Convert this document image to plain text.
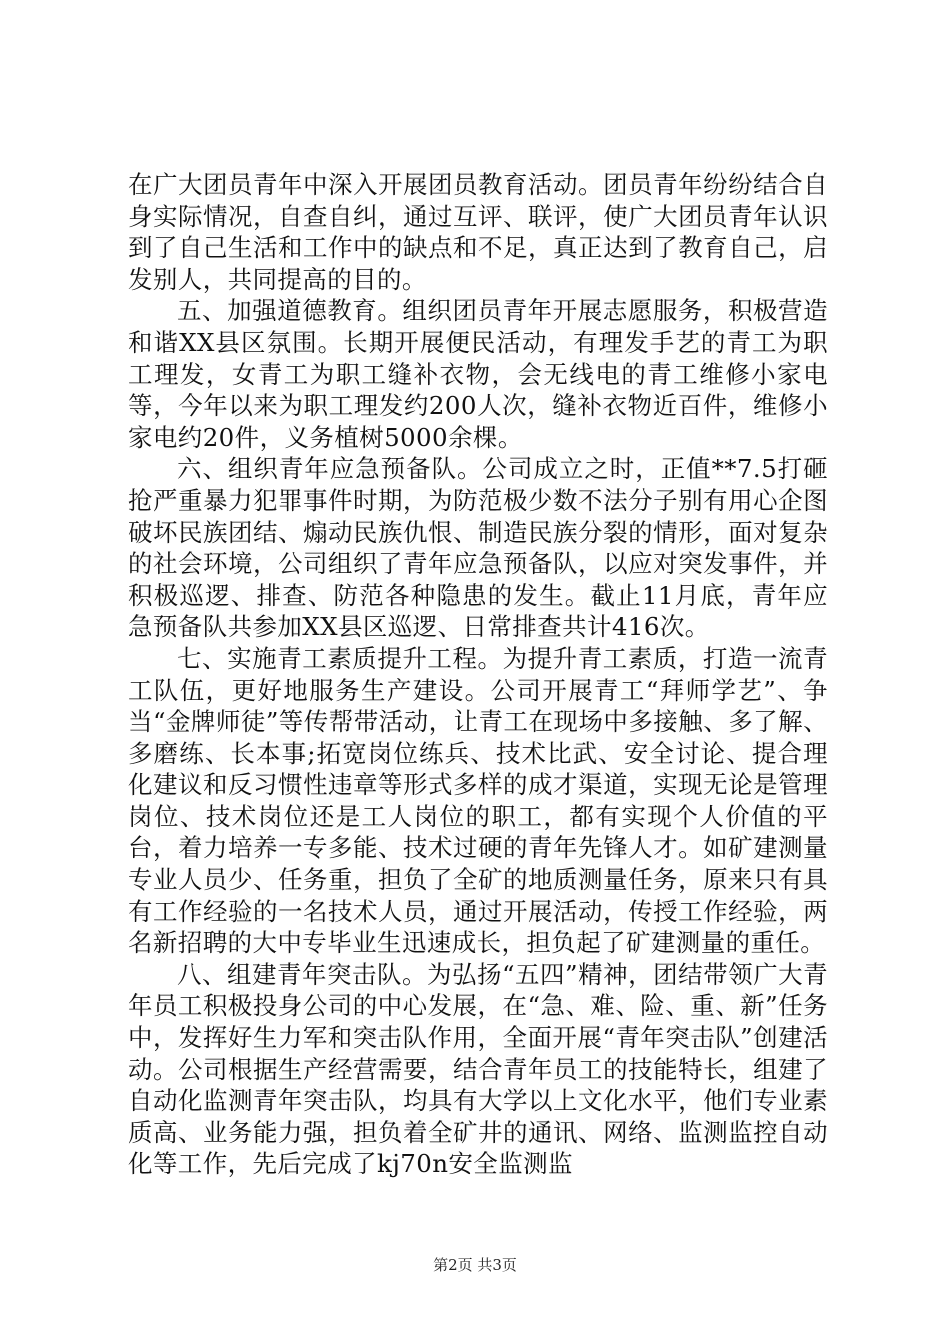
在广大团员青年中深入开展团员教育活动。团员青年纷纷结合自身实际情况，自查自纠，通过互评、联评，使广大团员青年认识到了自己生活和工作中的缺点和不足，真正达到了教育自己，启发别人，共同提高的目的。

五、加强道德教育。组织团员青年开展志愿服务，积极营造和谐XX县区氛围。长期开展便民活动，有理发手艺的青工为职工理发，女青工为职工缝补衣物，会无线电的青工维修小家电等，今年以来为职工理发约200人次，缝补衣物近百件，维修小家电约20件，义务植树5000余棵。

六、组织青年应急预备队。公司成立之时，正值**7.5打砸抢严重暴力犯罪事件时期，为防范极少数不法分子别有用心企图破坏民族团结、煽动民族仇恨、制造民族分裂的情形，面对复杂的社会环境，公司组织了青年应急预备队，以应对突发事件，并积极巡逻、排查、防范各种隐患的发生。截止11月底，青年应急预备队共参加XX县区巡逻、日常排查共计416次。

七、实施青工素质提升工程。为提升青工素质，打造一流青工队伍，更好地服务生产建设。公司开展青工“拜师学艺”、争当“金牌师徒”等传帮带活动，让青工在现场中多接触、多了解、多磨练、长本事;拓宽岗位练兵、技术比武、安全讨论、提合理化建议和反习惯性违章等形式多样的成才渠道，实现无论是管理岗位、技术岗位还是工人岗位的职工，都有实现个人价值的平台，着力培养一专多能、技术过硬的青年先锋人才。如矿建测量专业人员少、任务重，担负了全矿的地质测量任务，原来只有具有工作经验的一名技术人员，通过开展活动，传授工作经验，两名新招聘的大中专毕业生迅速成长，担负起了矿建测量的重任。

八、组建青年突击队。为弘扬“五四”精神，团结带领广大青年员工积极投身公司的中心发展，在“急、难、险、重、新”任务中，发挥好生力军和突击队作用，全面开展“青年突击队”创建活动。公司根据生产经营需要，结合青年员工的技能特长，组建了自动化监测青年突击队，均具有大学以上文化水平，他们专业素质高、业务能力强，担负着全矿井的通讯、网络、监测监控自动化等工作，先后完成了kj70n安全监测监

第2页 共3页
